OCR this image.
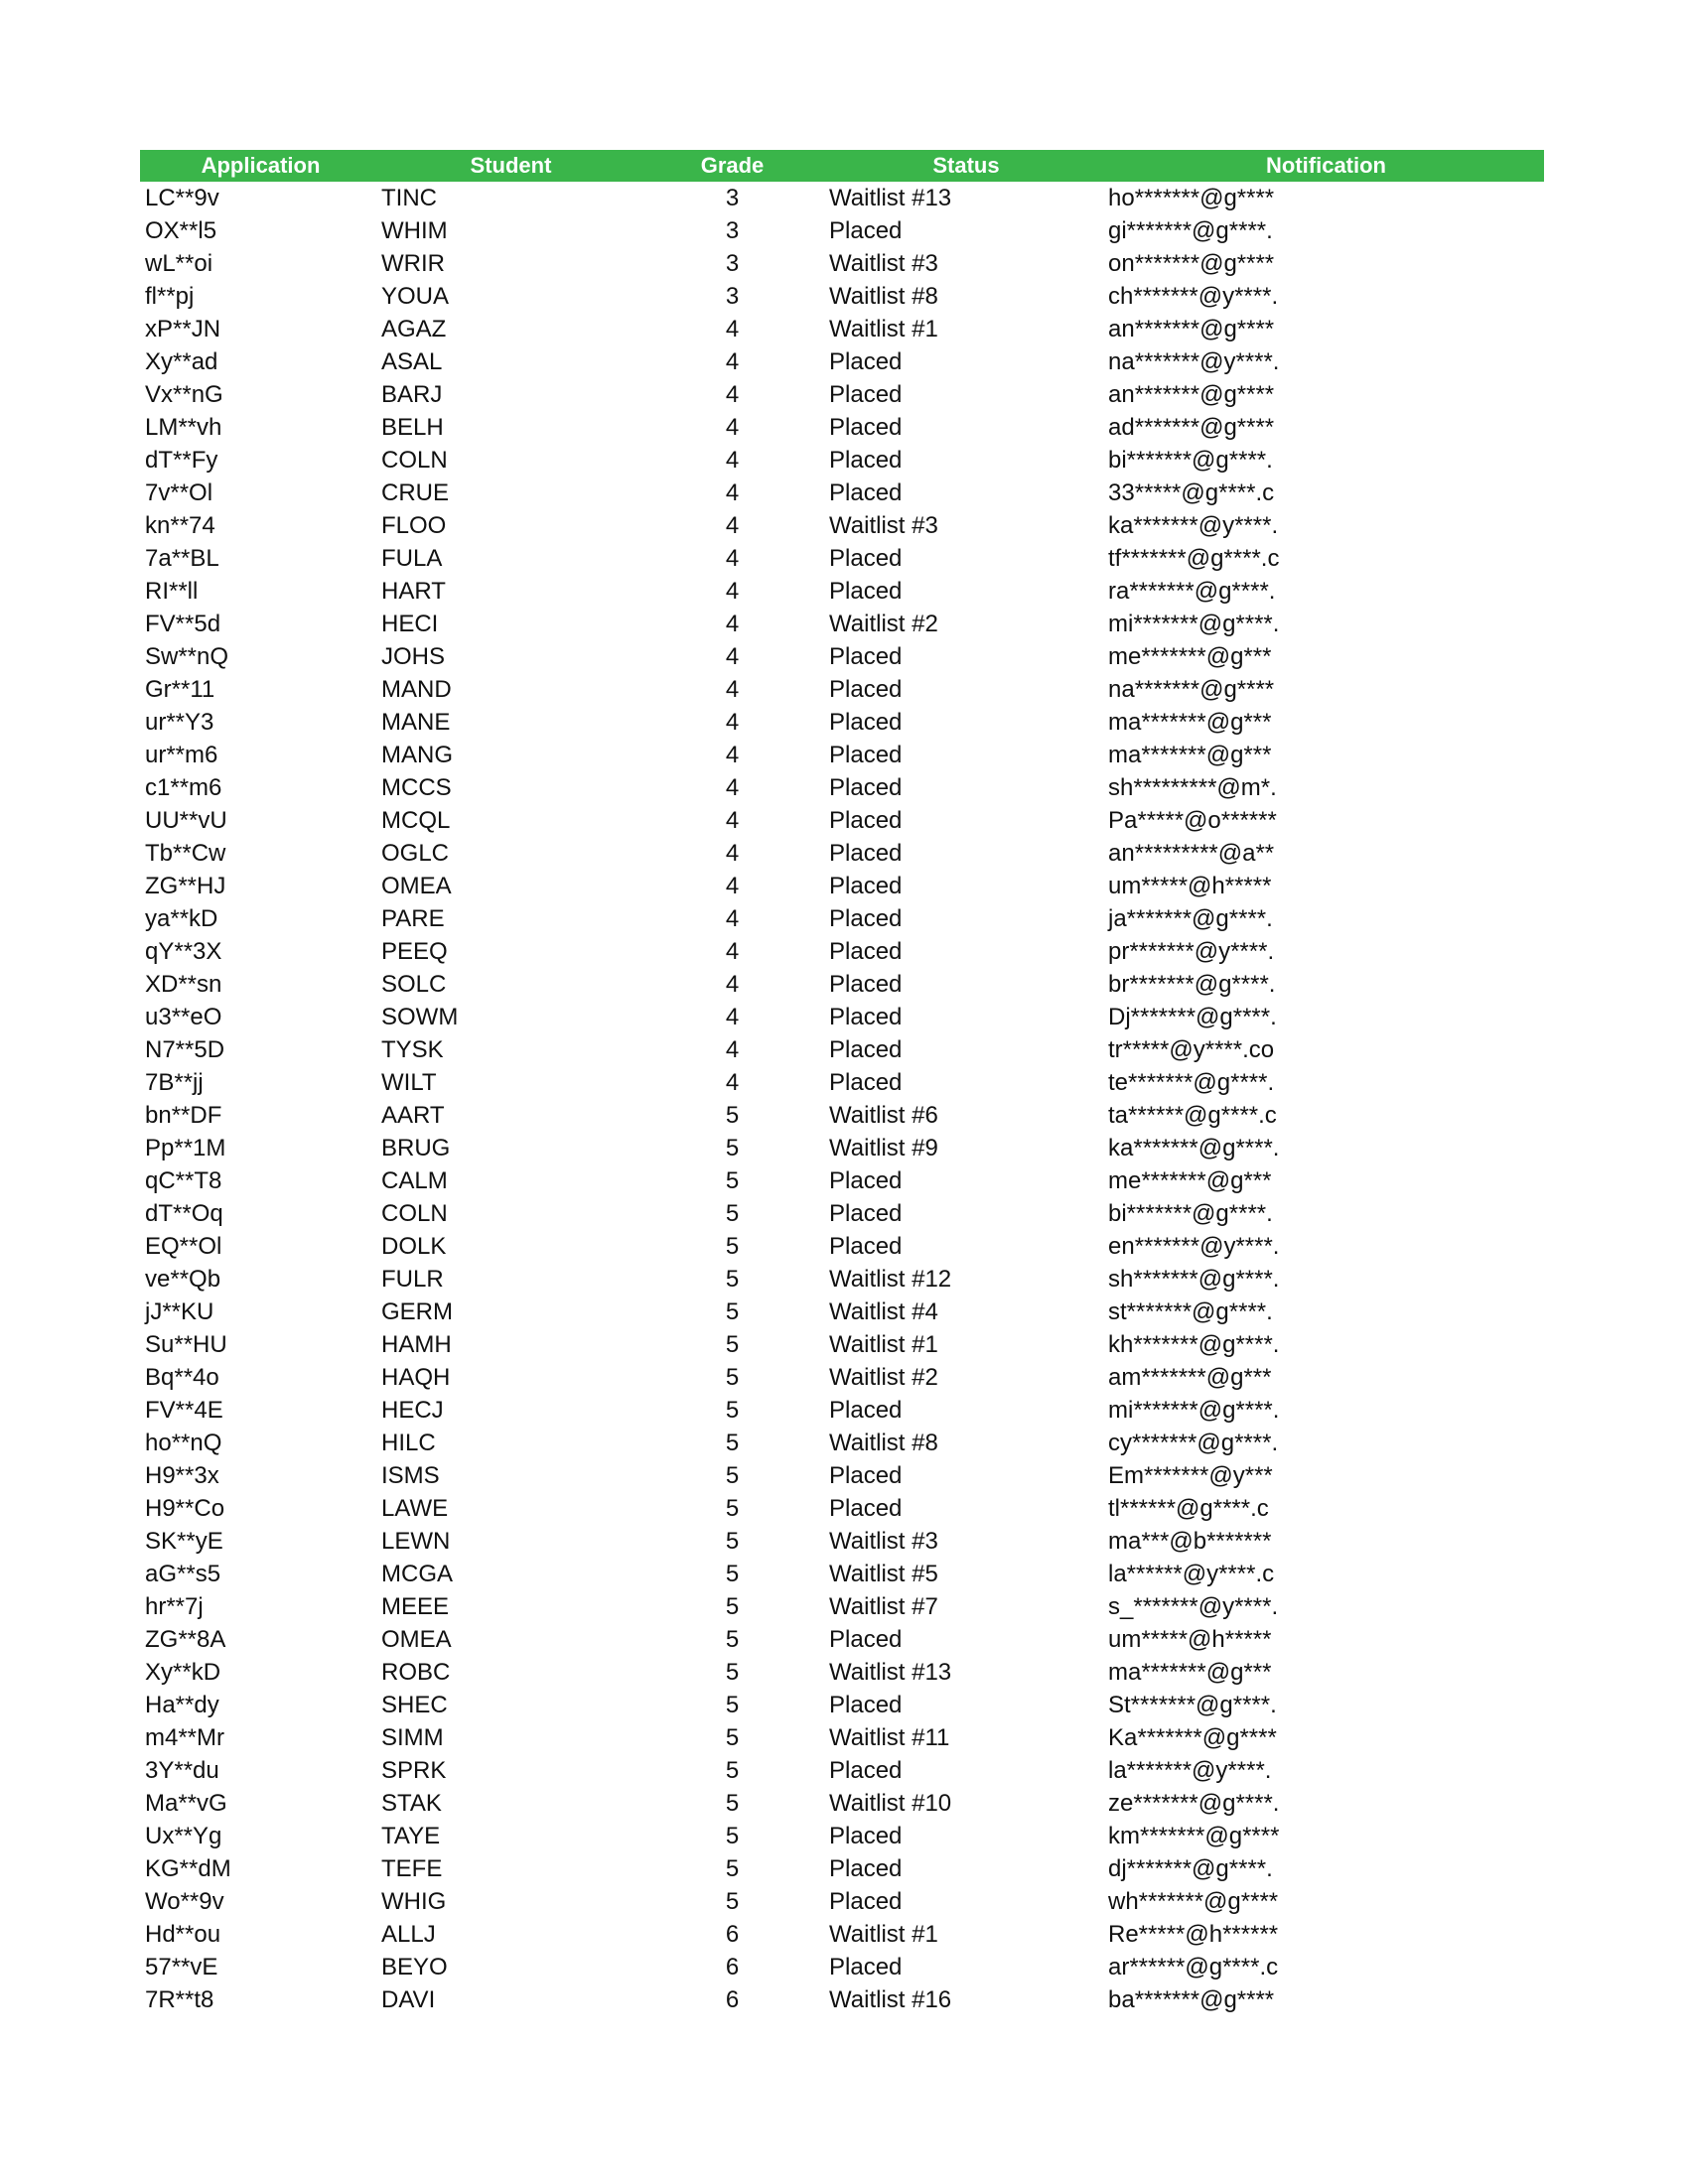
Application	Student	Grade	Status	Notification
LC**9v	TINC	3	Waitlist #13	ho*******@g****
OX**l5	WHIM	3	Placed	gi*******@g****.
wL**oi	WRIR	3	Waitlist #3	on*******@g****
fl**pj	YOUA	3	Waitlist #8	ch*******@y****.
xP**JN	AGAZ	4	Waitlist #1	an*******@g****
Xy**ad	ASAL	4	Placed	na*******@y****.
Vx**nG	BARJ	4	Placed	an*******@g****
LM**vh	BELH	4	Placed	ad*******@g****
dT**Fy	COLN	4	Placed	bi*******@g****.
7v**Ol	CRUE	4	Placed	33*****@g****.c
kn**74	FLOO	4	Waitlist #3	ka*******@y****.
7a**BL	FULA	4	Placed	tf*******@g****.c
RI**ll	HART	4	Placed	ra*******@g****.
FV**5d	HECI	4	Waitlist #2	mi*******@g****.
Sw**nQ	JOHS	4	Placed	me*******@g***
Gr**11	MAND	4	Placed	na*******@g****
ur**Y3	MANE	4	Placed	ma*******@g***
ur**m6	MANG	4	Placed	ma*******@g***
c1**m6	MCCS	4	Placed	sh*********@m*.
UU**vU	MCQL	4	Placed	Pa*****@o******
Tb**Cw	OGLC	4	Placed	an*********@a**
ZG**HJ	OMEA	4	Placed	um*****@h*****
ya**kD	PARE	4	Placed	ja*******@g****.
qY**3X	PEEQ	4	Placed	pr*******@y****.
XD**sn	SOLC	4	Placed	br*******@g****.
u3**eO	SOWM	4	Placed	Dj*******@g****.
N7**5D	TYSK	4	Placed	tr*****@y****.co
7B**jj	WILT	4	Placed	te*******@g****.
bn**DF	AART	5	Waitlist #6	ta******@g****.c
Pp**1M	BRUG	5	Waitlist #9	ka*******@g****.
qC**T8	CALM	5	Placed	me*******@g***
dT**Oq	COLN	5	Placed	bi*******@g****.
EQ**Ol	DOLK	5	Placed	en*******@y****.
ve**Qb	FULR	5	Waitlist #12	sh*******@g****.
jJ**KU	GERM	5	Waitlist #4	st*******@g****.
Su**HU	HAMH	5	Waitlist #1	kh*******@g****.
Bq**4o	HAQH	5	Waitlist #2	am*******@g***
FV**4E	HECJ	5	Placed	mi*******@g****.
ho**nQ	HILC	5	Waitlist #8	cy*******@g****.
H9**3x	ISMS	5	Placed	Em*******@y***
H9**Co	LAWE	5	Placed	tl******@g****.c
SK**yE	LEWN	5	Waitlist #3	ma***@b*******
aG**s5	MCGA	5	Waitlist #5	la******@y****.c
hr**7j	MEEE	5	Waitlist #7	s_*******@y****.
ZG**8A	OMEA	5	Placed	um*****@h*****
Xy**kD	ROBC	5	Waitlist #13	ma*******@g***
Ha**dy	SHEC	5	Placed	St*******@g****.
m4**Mr	SIMM	5	Waitlist #11	Ka*******@g****
3Y**du	SPRK	5	Placed	la*******@y****.
Ma**vG	STAK	5	Waitlist #10	ze*******@g****.
Ux**Yg	TAYE	5	Placed	km*******@g****
KG**dM	TEFE	5	Placed	dj*******@g****.
Wo**9v	WHIG	5	Placed	wh*******@g****
Hd**ou	ALLJ	6	Waitlist #1	Re*****@h******
57**vE	BEYO	6	Placed	ar******@g****.c
7R**t8	DAVI	6	Waitlist #16	ba*******@g****
